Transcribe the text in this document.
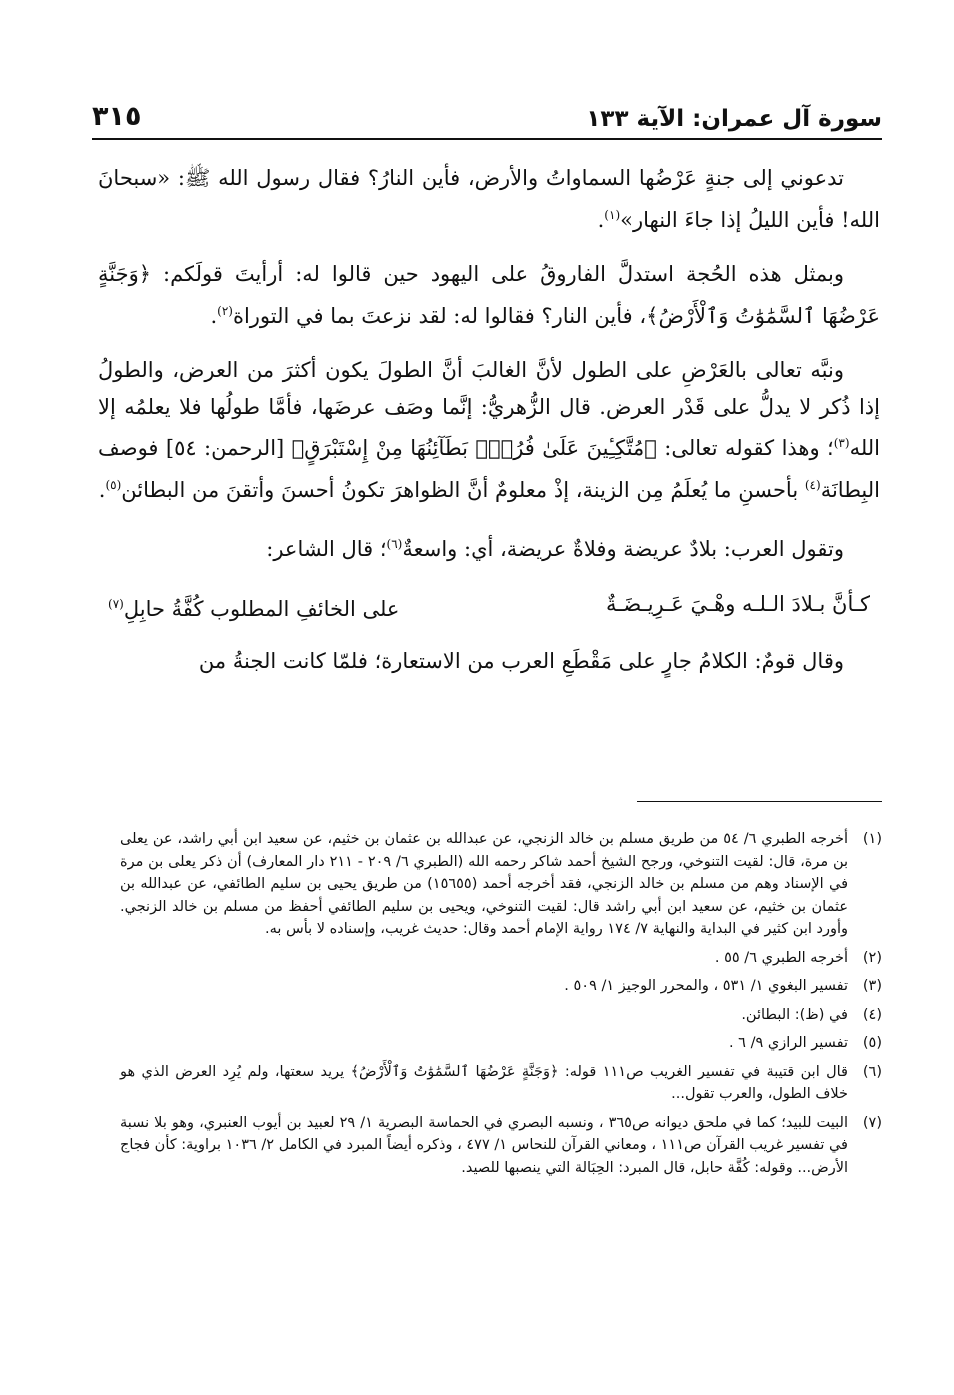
سورة آل عمران: الآية ١٣٣
٣١٥

تدعوني إلى جنةٍ عَرْضُها السماواتُ والأرض، فأين النارُ؟ فقال رسول الله ﷺ: «سبحانَ الله! فأين الليلُ إذا جاءَ النهار»$^{(١)}$.

وبمثل هذه الحُجة استدلَّ الفاروقُ على اليهود حين قالوا له: أرأيتَ قولَكم: ﴿وَجَنَّةٍ عَرْضُهَا ٱلسَّمَٰوَٰتُ وَٱلْأَرْضُ﴾، فأين النار؟ فقالوا له: لقد نزعتَ بما في التوراة$^{(٢)}$.

ونبَّه تعالى بالعَرْضِ على الطول لأنَّ الغالبَ أنَّ الطولَ يكون أكثرَ من العرض، والطولُ إذا ذُكر لا يدلُّ على قَدْر العرض. قال الزُّهريُّ: إنَّما وصَف عرضَها، فأمَّا طولُها فلا يعلمُه إلا الله$^{(٣)}$؛ وهذا كقوله تعالى: ﴿مُتَّكِـِٔينَ عَلَىٰ فُرُشٍۭ بَطَآئِنُهَا مِنْ إِسْتَبْرَقٍ﴾ [الرحمن: ٥٤] فوصف البِطانَة$^{(٤)}$ بأحسنِ ما يُعلَمُ مِن الزينة، إذْ معلومٌ أنَّ الظواهرَ تكونُ أحسنَ وأتقنَ من البطائن$^{(٥)}$.

وتقول العرب: بلادٌ عريضة وفلاةٌ عريضة، أي: واسعةٌ$^{(٦)}$؛ قال الشاعر:

كـأنَّ بـلادَ الـلـه وهْـيَ عَـرِيـضَـةٌ
على الخائفِ المطلوب كُفَّةُ حابِلِ$^{(٧)}$

وقال قومٌ: الكلامُ جارٍ على مَقْطَعِ العرب من الاستعارة؛ فلمّا كانت الجنةُ من

(١)
أخرجه الطبري ٦/ ٥٤ من طريق مسلم بن خالد الزنجي، عن عبدالله بن عثمان بن خثيم، عن سعيد ابن أبي راشد، عن يعلى بن مرة، قال: لقيت التنوخي، ورجح الشيخ أحمد شاكر رحمه الله (الطبري ٦/ ٢٠٩ - ٢١١ دار المعارف) أن ذكر يعلى بن مرة في الإسناد وهم من مسلم بن خالد الزنجي، فقد أخرجه أحمد (١٥٦٥٥) من طريق يحيى بن سليم الطائفي، عن عبدالله بن عثمان بن خثيم، عن سعيد ابن أبي راشد قال: لقيت التنوخي، ويحيى بن سليم الطائفي أحفظ من مسلم بن خالد الزنجي. وأورد ابن كثير في البداية والنهاية ٧/ ١٧٤ رواية الإمام أحمد وقال: حديث غريب، وإسناده لا بأس به.
(٢)
أخرجه الطبري ٦/ ٥٥ .
(٣)
تفسير البغوي ١/ ٥٣١ ، والمحرر الوجيز ١/ ٥٠٩ .
(٤)
في (ظ): البطائن.
(٥)
تفسير الرازي ٩/ ٦ .
(٦)
قال ابن قتيبة في تفسير الغريب ص١١١ قوله: ﴿وَجَنَّةٍ عَرْضُهَا ٱلسَّمَٰوَٰتُ وَٱلْأَرْضُ﴾ يريد سعتها، ولم يُرِد العرض الذي هو خلاف الطول، والعرب تقول...
(٧)
البيت للبيد؛ كما في ملحق ديوانه ص٣٦٥ ، ونسبه البصري في الحماسة البصرية ١/ ٢٩ لعبيد بن أيوب العنبري، وهو بلا نسبة في تفسير غريب القرآن ص١١١ ، ومعاني القرآن للنحاس ١/ ٤٧٧ ، وذكره أيضاً المبرد في الكامل ٢/ ١٠٣٦ براوية: كأن فجاج الأرض... وقوله: كُفَّة حابل، قال المبرد: الحِبَالة التي ينصبها للصيد.
